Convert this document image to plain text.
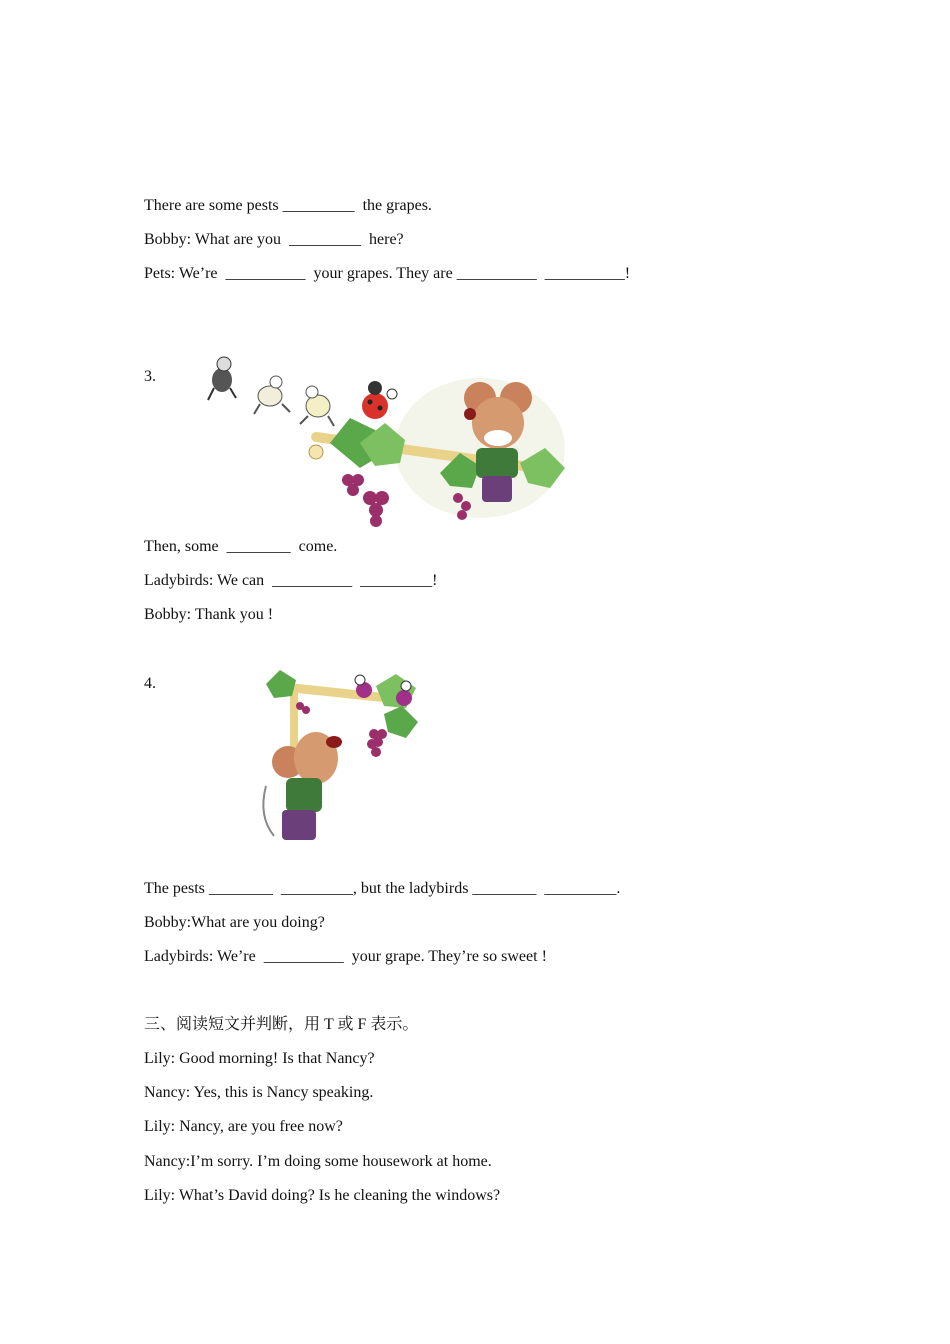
There are some pests _________  the grapes.
Bobby: What are you  _________  here?
Pets: We’re  __________  your grapes. They are __________  __________!
3.
Then, some  ________  come.
Ladybirds: We can  __________  _________!
Bobby: Thank you !
4.
The pests ________  _________, but the ladybirds ________  _________.
Bobby:What are you doing?
Ladybirds: We’re  __________  your grape. They’re so sweet !
三、阅读短文并判断，用 T 或 F 表示。
Lily: Good morning! Is that Nancy?
Nancy: Yes, this is Nancy speaking.
Lily: Nancy, are you free now?
Nancy:I’m sorry. I’m doing some housework at home.
Lily: What’s David doing? Is he cleaning the windows?
